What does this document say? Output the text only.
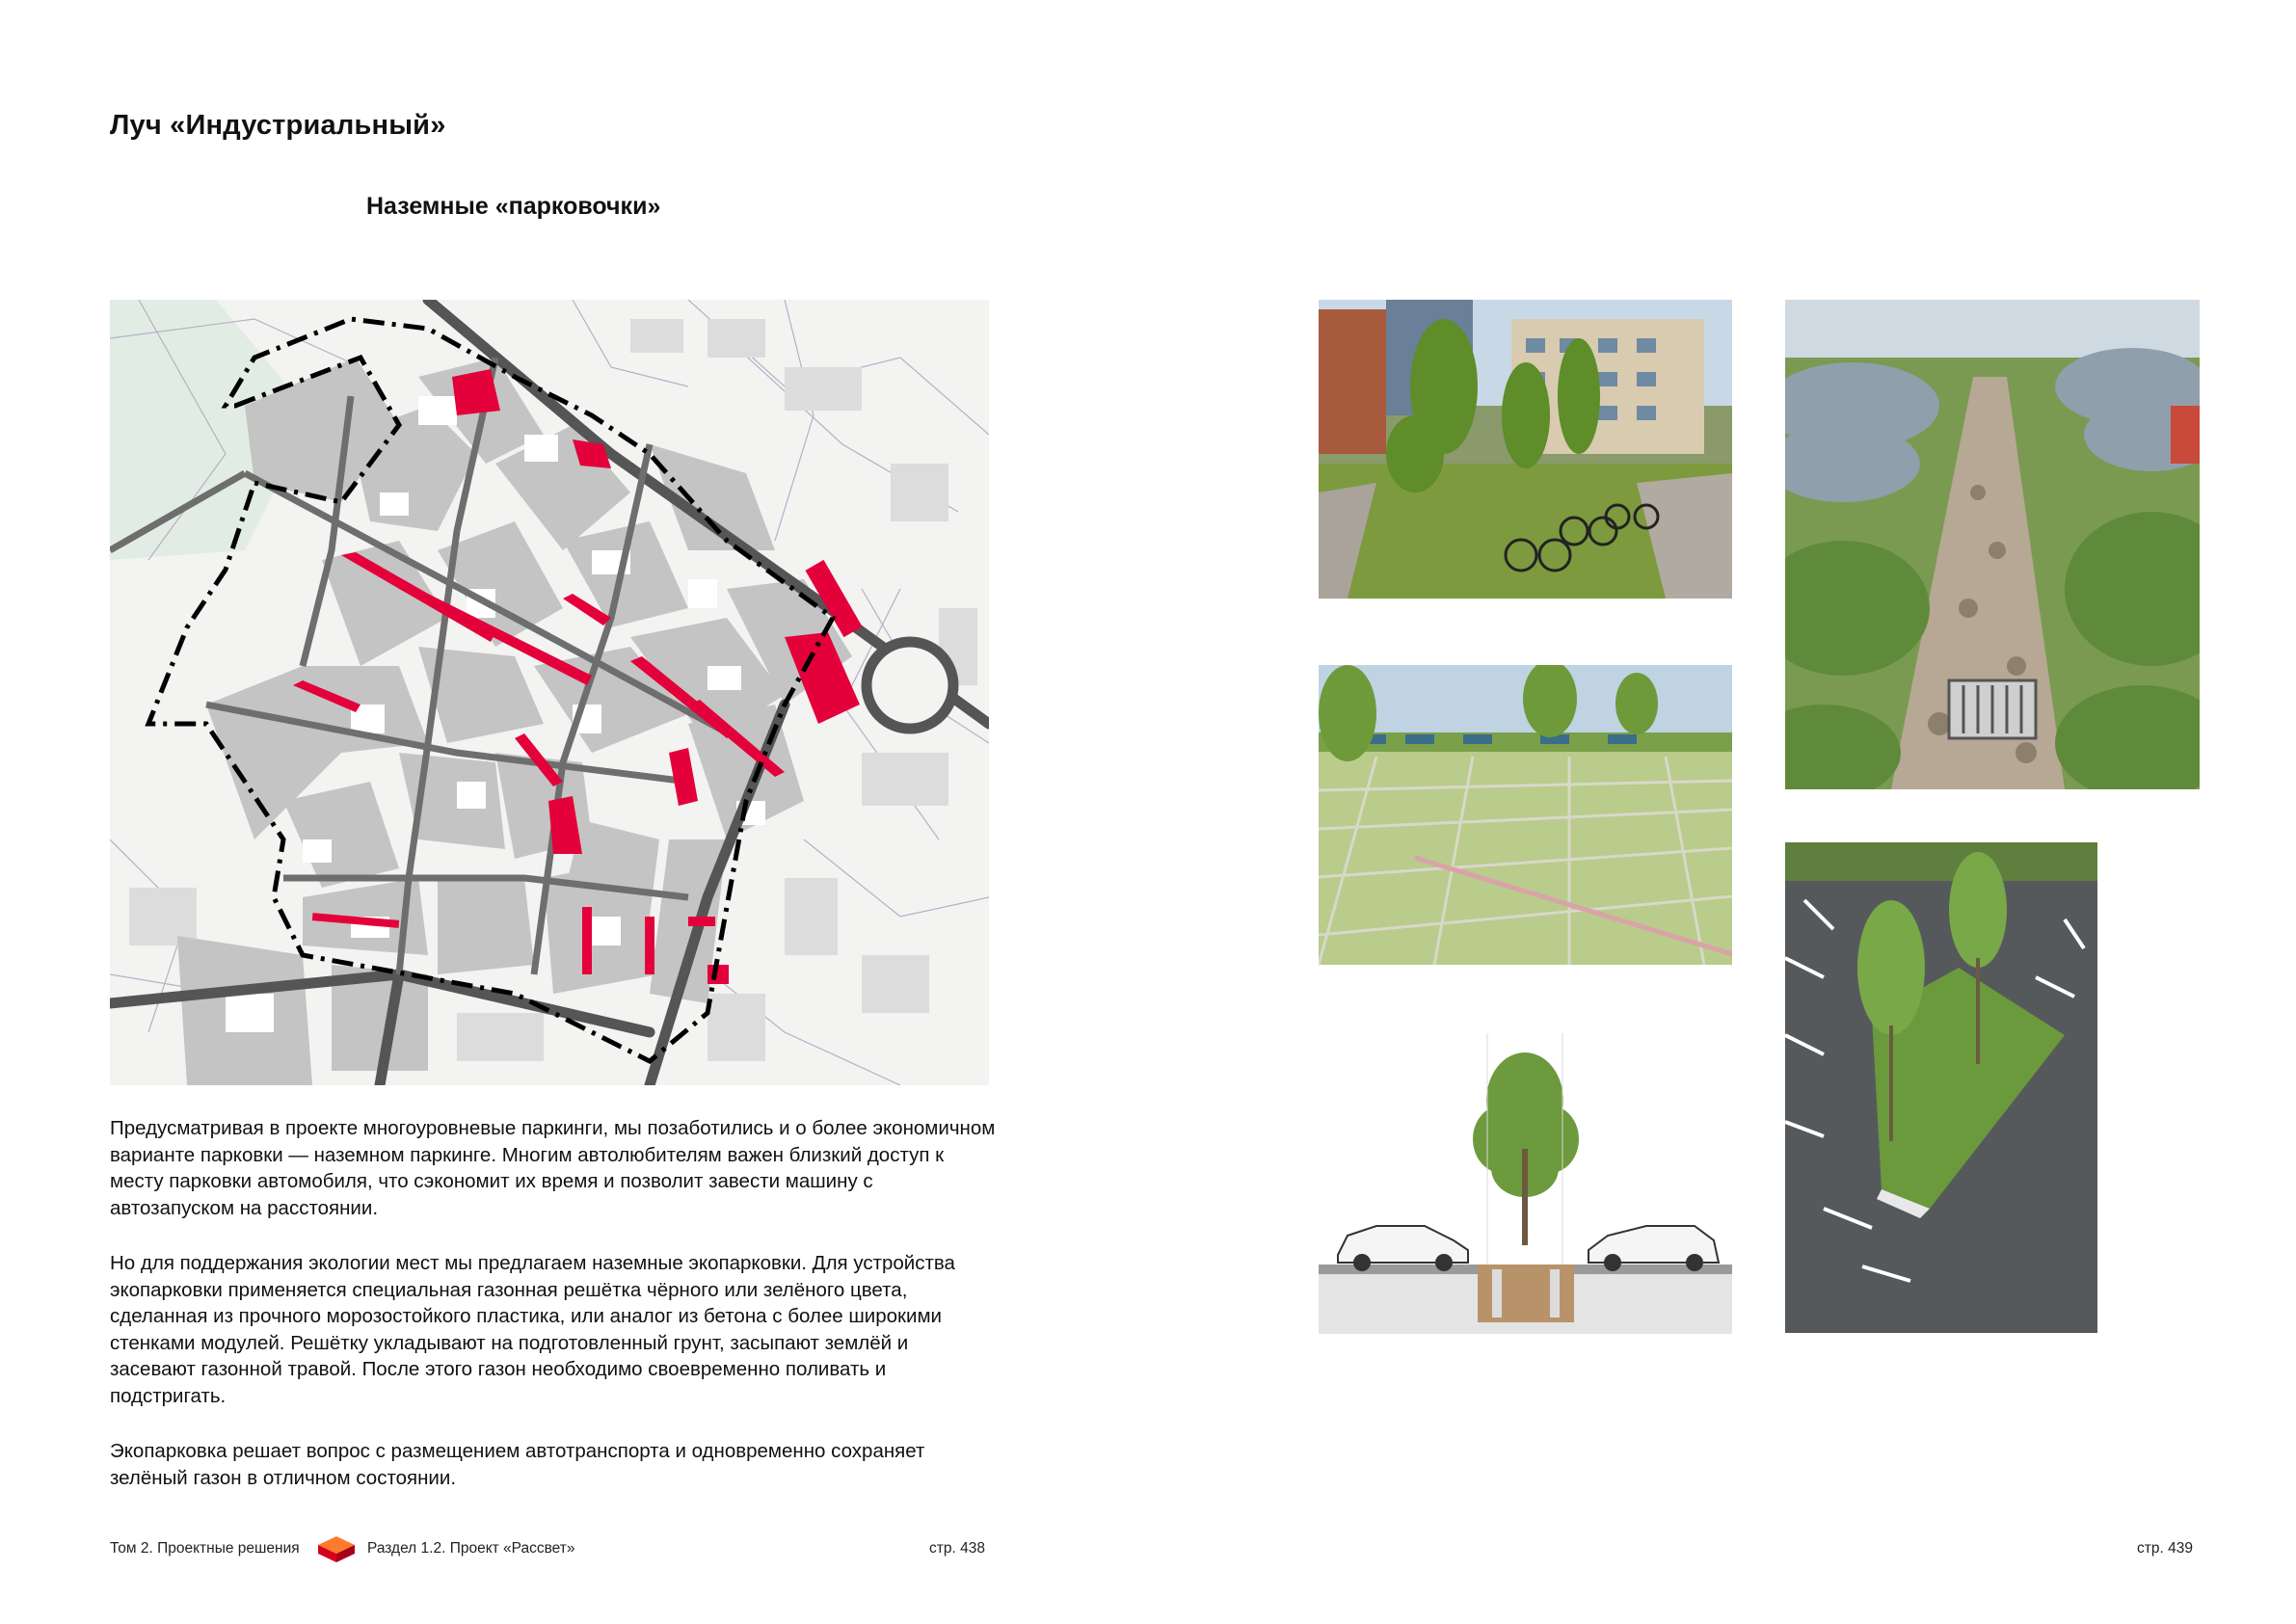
Луч «Индустриальный»
Наземные «парковочки»

Предусматривая в проекте многоуровневые паркинги, мы позаботились и о более экономичном варианте парковки — наземном паркинге. Многим автолюбителям важен близкий доступ к месту парковки автомобиля, что сэкономит их время и позволит завести машину с автозапуском на расстоянии.

Но для поддержания экологии мест мы предлагаем наземные экопарковки. Для устройства экопарковки применяется специальная газонная решётка чёрного или зелёного цвета, сделанная из прочного морозостойкого пластика, или аналог из бетона с более широкими стенками модулей. Решётку укладывают на подготовленный грунт, засыпают землёй и засевают газонной травой. После этого газон необходимо своевременно поливать и подстригать.

Экопарковка решает вопрос с размещением автотранспорта и одновременно сохраняет зелёный газон в отличном состоянии.

Том 2. Проектные решения	Раздел 1.2. Проект «Рассвет»	стр. 438	стр. 439
